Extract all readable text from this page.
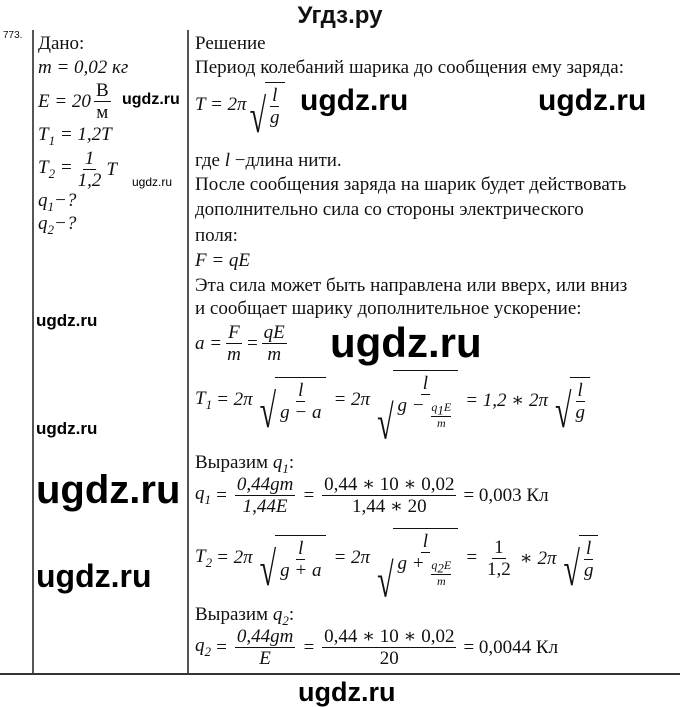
Угдз.ру
773. Дано:
m = 0,02 кг
$E = 20 \frac{В}{м}$
$T_1 = 1,2T$
$T_2 = \frac{1}{1,2}$ T
$q_1-$?
$q_2-$?
Решение
Период колебаний шарика до сообщения ему заряда:
T = 2π √ $\frac{l}{g}$
где l −длина нити.
После сообщения заряда на шарик будет действовать
дополнительно сила со стороны электрического
поля:
F = qE
Эта сила может быть направлена или вверх, или вниз
и сообщает шарику дополнительное ускорение:
$a = \frac{F}{m} = \frac{qE}{m}$
$T_1 = 2\pi$ √ $\frac{l}{g - a} = 2\pi$ √ $\frac{l}{g - \frac{q_1E}{m}} = 1,2$ ∗ 2π √ $\frac{l}{g}$
Выразим $q_1$:
$q_1 = \frac{0,44gm}{1,44E} = \frac{0,44 ∗ 10 ∗ 0,02}{1,44 ∗ 20} = 0,003$ Кл
$T_2 = 2\pi$ √ $\frac{l}{g + a} = 2\pi$ √ $\frac{l}{g + \frac{q_2E}{m}} = \frac{1}{1,2}$ ∗ 2π √ $\frac{l}{g}$
Выразим $q_2$:
$q_2 = \frac{0,44gm}{E} = \frac{0,44 ∗ 10 ∗ 0,02}{20} = 0,0044$ Кл
ugdz.ru	ugdz.ru
ugdz.ru
ugdz.ru
ugdz.ru
ugdz.ru
ugdz.ru
ugdz.ru
ugdz.ru
ugdz.ru
